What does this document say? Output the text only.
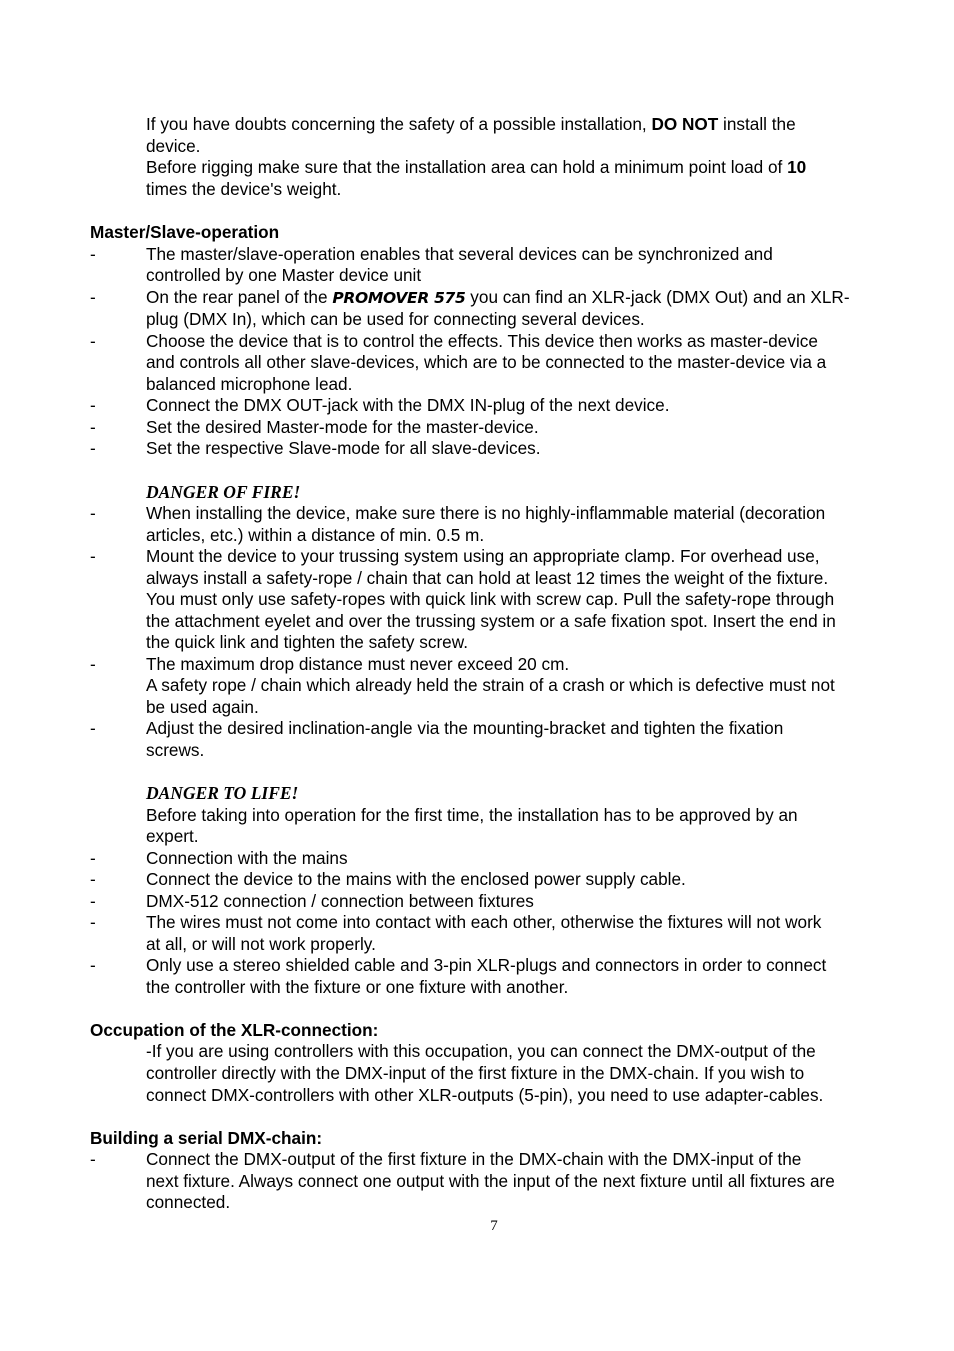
If you have doubts concerning the safety of a possible installation, DO NOT install the
device.
Before rigging make sure that the installation area can hold a minimum point load of 10
times the device's weight.
Master/Slave-operation
-	The master/slave-operation enables that several devices can be synchronized and
controlled by one Master device unit
-	On the rear panel of the PROMOVER 575 you can find an XLR-jack (DMX Out) and an XLR-
plug (DMX In), which can be used for connecting several devices.
-	Choose the device that is to control the effects. This device then works as master-device
and controls all other slave-devices, which are to be connected to the master-device via a
balanced microphone lead.
-	Connect the DMX OUT-jack with the DMX IN-plug of the next device.
-	Set the desired Master-mode for the master-device.
-	Set the respective Slave-mode for all slave-devices.
DANGER OF FIRE!
-	When installing the device, make sure there is no highly-inflammable material (decoration
articles, etc.) within a distance of min. 0.5 m.
-	Mount the device to your trussing system using an appropriate clamp. For overhead use,
always install a safety-rope / chain that can hold at least 12 times the weight of the fixture.
You must only use safety-ropes with quick link with screw cap. Pull the safety-rope through
the attachment eyelet and over the trussing system or a safe fixation spot. Insert the end in
the quick link and tighten the safety screw.
-	The maximum drop distance must never exceed 20 cm.
A safety rope / chain which already held the strain of a crash or which is defective must not
be used again.
-	Adjust the desired inclination-angle via the mounting-bracket and tighten the fixation
screws.
DANGER TO LIFE!
Before taking into operation for the first time, the installation has to be approved by an
expert.
-	Connection with the mains
-	Connect the device to the mains with the enclosed power supply cable.
-	DMX-512 connection / connection between fixtures
-	The wires must not come into contact with each other, otherwise the fixtures will not work
at all, or will not work properly.
-	Only use a stereo shielded cable and 3-pin XLR-plugs and connectors in order to connect
the controller with the fixture or one fixture with another.
Occupation of the XLR-connection:
-If you are using controllers with this occupation, you can connect the DMX-output of the
controller directly with the DMX-input of the first fixture in the DMX-chain. If you wish to
connect DMX-controllers with other XLR-outputs (5-pin), you need to use adapter-cables.
Building a serial DMX-chain:
-	Connect the DMX-output of the first fixture in the DMX-chain with the DMX-input of the
next fixture. Always connect one output with the input of the next fixture until all fixtures are
connected.
7
